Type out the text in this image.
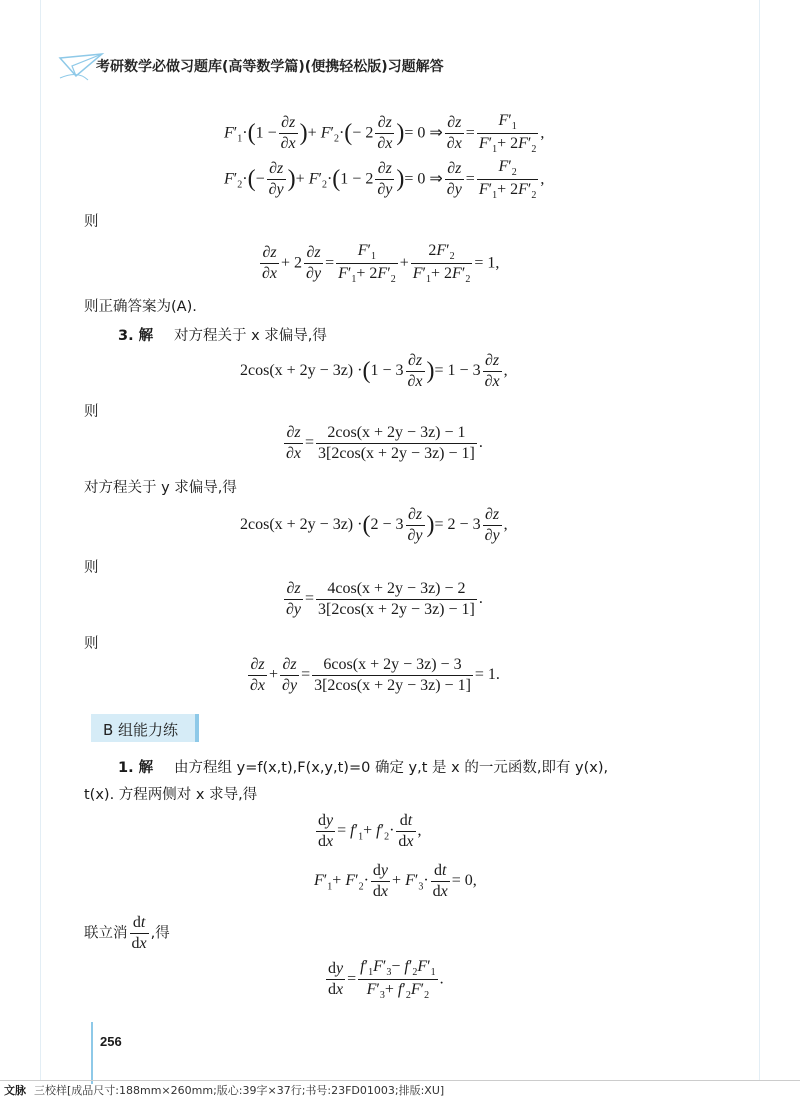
考研数学必做习题库(高等数学篇)(便携轻松版)习题解答
$F'_1\cdot(1 - \frac{\partial z}{\partial x}$ )+ $F'_2\cdot(- 2 \frac{\partial z}{\partial x}$ )= 0 ⇒ $\frac{\partial z}{\partial x} = \frac{F'_1}{F'_1+ 2F'_2}$ ,
$F'_2\cdot(- \frac{\partial z}{\partial y}$ )+ $F'_2\cdot(1 - 2 \frac{\partial z}{\partial y}$ )= 0 ⇒ $\frac{\partial z}{\partial y} = \frac{F'_2}{F'_1+ 2F'_2}$ ,
则
$\frac{\partial z}{\partial x} + 2 \frac{\partial z}{\partial y} = \frac{F'_1}{F'_1+ 2F'_2} + \frac{2F'_2}{F'_1+ 2F'_2} = 1$,
则正确答案为(A).
3. 解 对方程关于 x 求偏导,得
$2\cos(x + 2y - 3z) \cdot(1 - 3 \frac{\partial z}{\partial x}$ )= $1 - 3 \frac{\partial z}{\partial x}$ ,
则
$\frac{\partial z}{\partial x} = \frac{2\cos(x + 2y - 3z) - 1}{3[2\cos(x + 2y - 3z) - 1]}$ .
对方程关于 y 求偏导,得
$2\cos(x + 2y - 3z) \cdot(2 - 3 \frac{\partial z}{\partial y}$ )= $2 - 3 \frac{\partial z}{\partial y}$ ,
则
$\frac{\partial z}{\partial y} = \frac{4\cos(x + 2y - 3z) - 2}{3[2\cos(x + 2y - 3z) - 1]}$ .
则
$\frac{\partial z}{\partial x} + \frac{\partial z}{\partial y} = \frac{6\cos(x + 2y - 3z) - 3}{3[2\cos(x + 2y - 3z) - 1]} = 1$.
B 组能力练
1. 解 由方程组 y=f(x,t),F(x,y,t)=0 确定 y,t 是 x 的一元函数,即有 y(x),
t(x). 方程两侧对 x 求导,得
$\frac{dy}{dx} = f'_1+ f'_2\cdot \frac{dt}{dx}$ ,
$F'_1+ F'_2\cdot \frac{dy}{dx} + F'_3\cdot \frac{dt}{dx} = 0$,
联立消 $\frac{dt}{dx}$ ,得
$\frac{dy}{dx} = \frac{f'_1F'_3- f'_2F'_1}{F'_3+ f'_2F'_2}$ .
256
文脉 三校样[成品尺寸:188mm×260mm;版心:39字×37行;书号:23FD01003;排版:XU]
